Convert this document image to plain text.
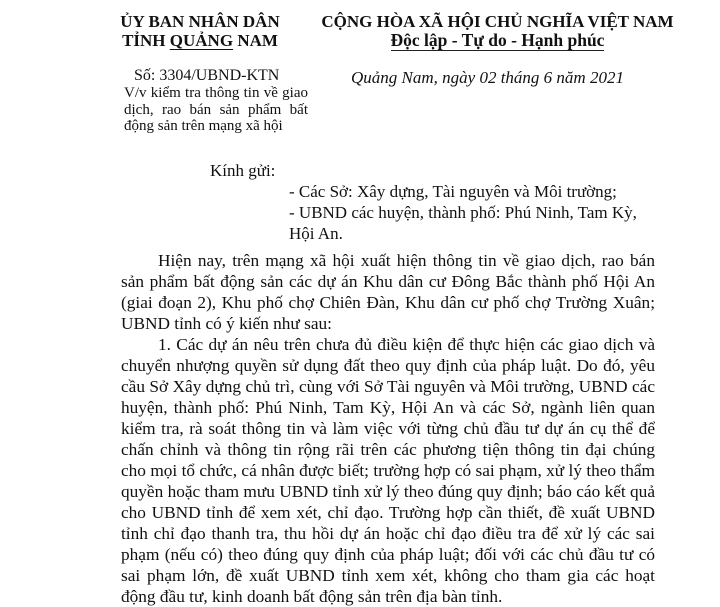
ỦY BAN NHÂN DÂN
TỈNH QUẢNG NAM
CỘNG HÒA XÃ HỘI CHỦ NGHĨA VIỆT NAM
Độc lập - Tự do - Hạnh phúc
Số: 3304/UBND-KTN
V/v kiểm tra thông tin về giao dịch, rao bán sản phẩm bất động sản trên mạng xã hội
Quảng Nam, ngày 02 tháng 6 năm 2021
Kính gửi:
- Các Sở: Xây dựng, Tài nguyên và Môi trường;
- UBND các huyện, thành phố: Phú Ninh, Tam Kỳ,
Hội An.

Hiện nay, trên mạng xã hội xuất hiện thông tin về giao dịch, rao bán sản phẩm bất động sản các dự án Khu dân cư Đông Bắc thành phố Hội An (giai đoạn 2), Khu phố chợ Chiên Đàn, Khu dân cư phố chợ Trường Xuân; UBND tỉnh có ý kiến như sau:

1. Các dự án nêu trên chưa đủ điều kiện để thực hiện các giao dịch và chuyển nhượng quyền sử dụng đất theo quy định của pháp luật. Do đó, yêu cầu Sở Xây dựng chủ trì, cùng với Sở Tài nguyên và Môi trường, UBND các huyện, thành phố: Phú Ninh, Tam Kỳ, Hội An và các Sở, ngành liên quan kiểm tra, rà soát thông tin và làm việc với từng chủ đầu tư dự án cụ thể để chấn chỉnh và thông tin rộng rãi trên các phương tiện thông tin đại chúng cho mọi tổ chức, cá nhân được biết; trường hợp có sai phạm, xử lý theo thẩm quyền hoặc tham mưu UBND tỉnh xử lý theo đúng quy định; báo cáo kết quả cho UBND tỉnh để xem xét, chỉ đạo. Trường hợp cần thiết, đề xuất UBND tỉnh chỉ đạo thanh tra, thu hồi dự án hoặc chỉ đạo điều tra để xử lý các sai phạm (nếu có) theo đúng quy định của pháp luật; đối với các chủ đầu tư có sai phạm lớn, đề xuất UBND tỉnh xem xét, không cho tham gia các hoạt động đầu tư, kinh doanh bất động sản trên địa bàn tỉnh.
